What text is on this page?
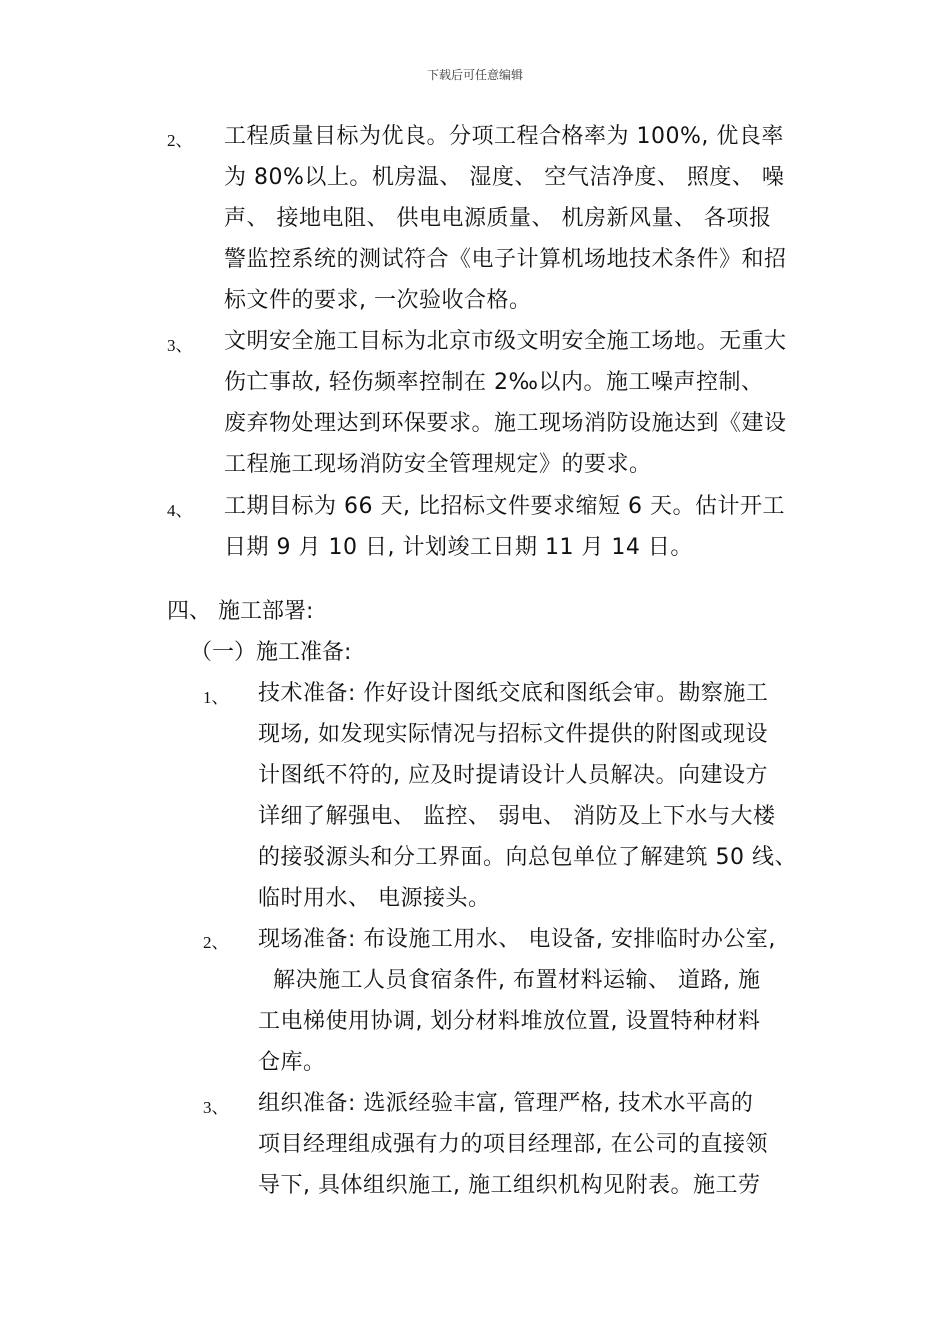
下载后可任意编辑
2、 工程质量目标为优良。分项工程合格率为 100%, 优良率
为 80%以上。机房温、 湿度、 空气洁净度、 照度、 噪
声、 接地电阻、 供电电源质量、 机房新风量、 各项报
警监控系统的测试符合《电子计算机场地技术条件》和招
标文件的要求, 一次验收合格。
3、 文明安全施工目标为北京市级文明安全施工场地。无重大
伤亡事故, 轻伤频率控制在 2‰以内。施工噪声控制、
废弃物处理达到环保要求。施工现场消防设施达到《建设
工程施工现场消防安全管理规定》的要求。
4、 工期目标为 66 天, 比招标文件要求缩短 6 天。估计开工
日期 9 月 10 日, 计划竣工日期 11 月 14 日。
四、 施工部署:
（一）施工准备:
1、 技术准备: 作好设计图纸交底和图纸会审。勘察施工
现场, 如发现实际情况与招标文件提供的附图或现设
计图纸不符的, 应及时提请设计人员解决。向建设方
详细了解强电、 监控、 弱电、 消防及上下水与大楼
的接驳源头和分工界面。向总包单位了解建筑 50 线、
临时用水、 电源接头。
2、 现场准备: 布设施工用水、 电设备, 安排临时办公室,
解决施工人员食宿条件, 布置材料运输、 道路, 施
工电梯使用协调, 划分材料堆放位置, 设置特种材料
仓库。
3、 组织准备: 选派经验丰富, 管理严格, 技术水平高的
项目经理组成强有力的项目经理部, 在公司的直接领
导下, 具体组织施工, 施工组织机构见附表。施工劳
